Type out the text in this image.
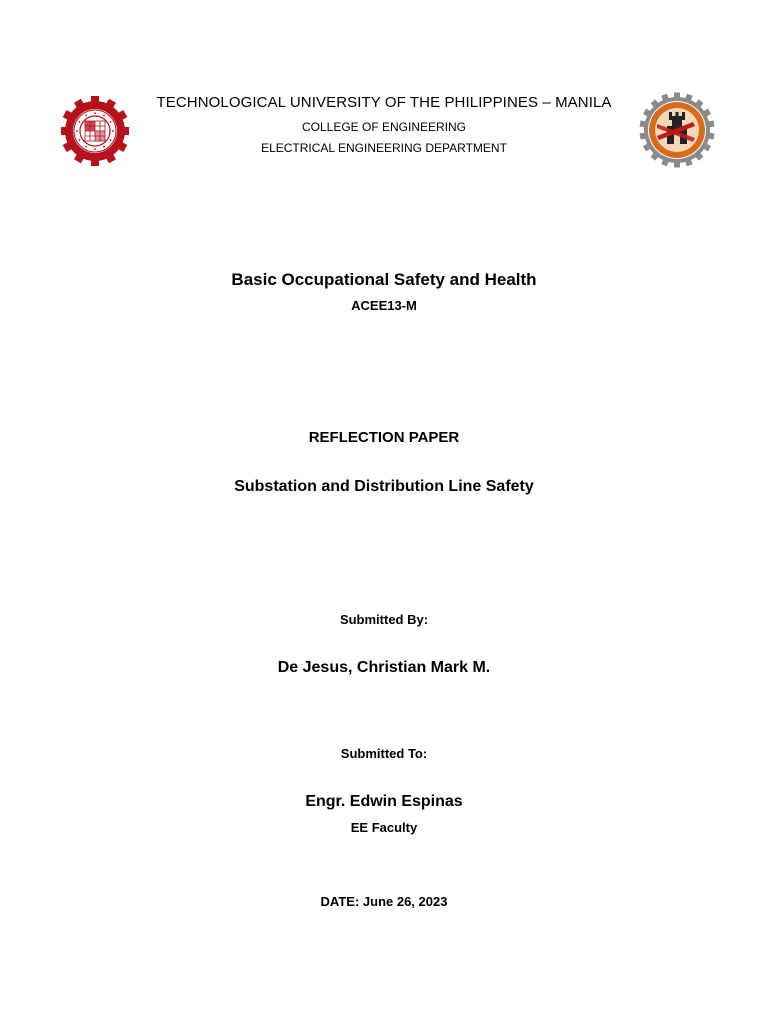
TECHNOLOGICAL UNIVERSITY OF THE PHILIPPINES – MANILA
COLLEGE OF ENGINEERING
ELECTRICAL ENGINEERING DEPARTMENT
Basic Occupational Safety and Health
ACEE13-M
REFLECTION PAPER
Substation and Distribution Line Safety
Submitted By:
De Jesus, Christian Mark M.
Submitted To:
Engr. Edwin Espinas
EE Faculty
DATE: June 26, 2023
